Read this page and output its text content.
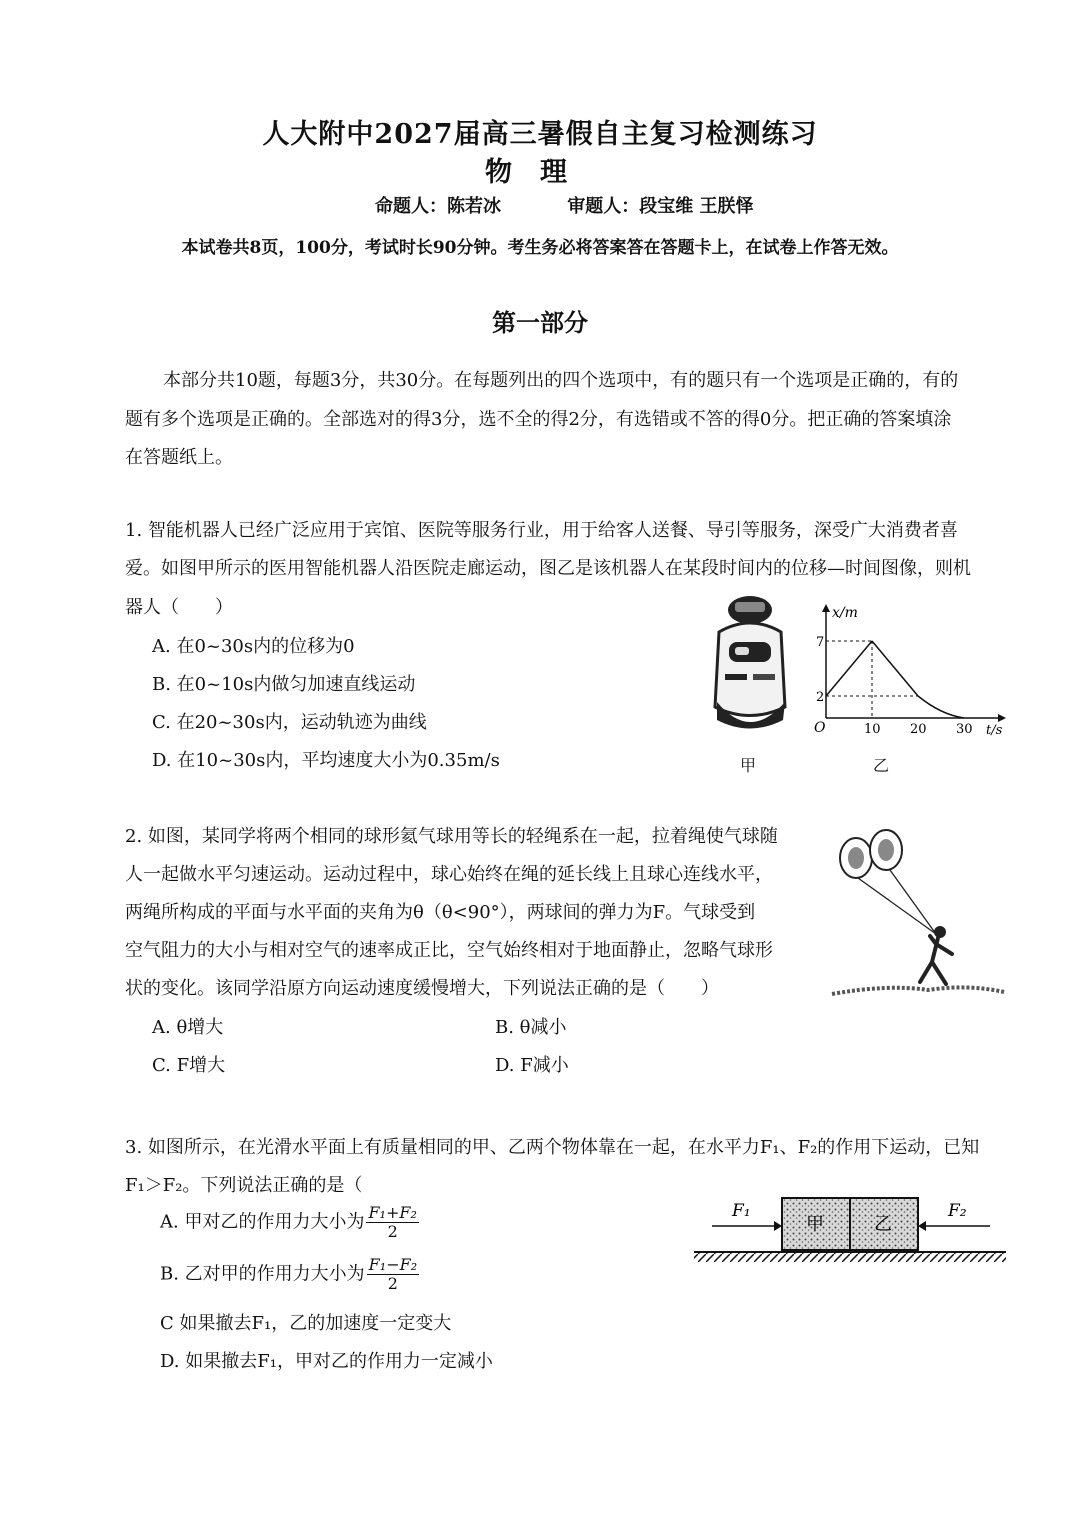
人大附中2027届高三暑假自主复习检测练习
物理
命题人：陈若冰	审题人：段宝维 王朕怿
本试卷共8页，100分，考试时长90分钟。考生务必将答案答在答题卡上，在试卷上作答无效。
第一部分
本部分共10题，每题3分，共30分。在每题列出的四个选项中，有的题只有一个选项是正确的，有的
题有多个选项是正确的。全部选对的得3分，选不全的得2分，有选错或不答的得0分。把正确的答案填涂
在答题纸上。
1. 智能机器人已经广泛应用于宾馆、医院等服务行业，用于给客人送餐、导引等服务，深受广大消费者喜
爱。如图甲所示的医用智能机器人沿医院走廊运动，图乙是该机器人在某段时间内的位移—时间图像，则机
器人（　　）
A. 在0~30s内的位移为0
B. 在0~10s内做匀加速直线运动
C. 在20~30s内，运动轨迹为曲线
D. 在10~30s内，平均速度大小为0.35m/s	甲
x/m
t/s
O
2
7
10 20 30
乙
2. 如图，某同学将两个相同的球形氦气球用等长的轻绳系在一起，拉着绳使气球随
人一起做水平匀速运动。运动过程中，球心始终在绳的延长线上且球心连线水平，
两绳所构成的平面与水平面的夹角为θ（θ<90°），两球间的弹力为F。气球受到
空气阻力的大小与相对空气的速率成正比，空气始终相对于地面静止，忽略气球形
状的变化。该同学沿原方向运动速度缓慢增大，下列说法正确的是（　　）
A. θ增大	B. θ减小
C. F增大	D. F减小
3. 如图所示，在光滑水平面上有质量相同的甲、乙两个物体靠在一起，在水平力F₁、F₂的作用下运动，已知
F₁＞F₂。下列说法正确的是（
A. 甲对乙的作用力大小为 $\frac{\text{F₁+F₂}}{2}$
B. 乙对甲的作用力大小为 $\frac{\text{F₁−F₂}}{2}$
C 如果撤去F₁，乙的加速度一定变大
D. 如果撤去F₁，甲对乙的作用力一定减小
甲	乙
F₁	F₂
